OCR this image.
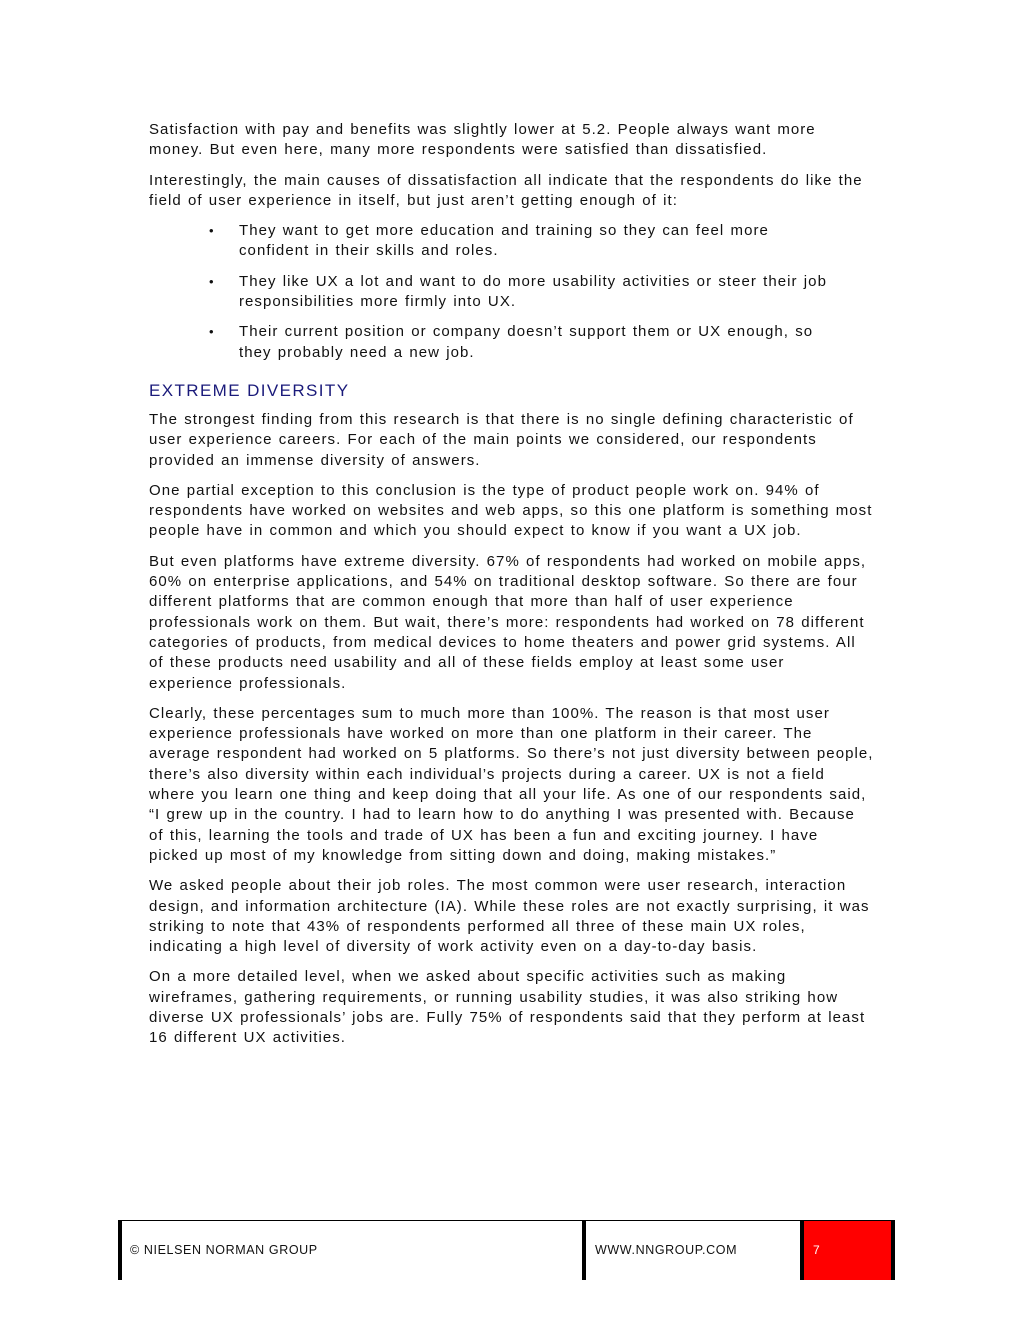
Satisfaction with pay and benefits was slightly lower at 5.2. People always want more money. But even here, many more respondents were satisfied than dissatisfied.

Interestingly, the main causes of dissatisfaction all indicate that the respondents do like the field of user experience in itself, but just aren’t getting enough of it:

• They want to get more education and training so they can feel more confident in their skills and roles.
• They like UX a lot and want to do more usability activities or steer their job responsibilities more firmly into UX.
• Their current position or company doesn’t support them or UX enough, so they probably need a new job.
EXTREME DIVERSITY

The strongest finding from this research is that there is no single defining characteristic of user experience careers. For each of the main points we considered, our respondents provided an immense diversity of answers.

One partial exception to this conclusion is the type of product people work on. 94% of respondents have worked on websites and web apps, so this one platform is something most people have in common and which you should expect to know if you want a UX job.

But even platforms have extreme diversity. 67% of respondents had worked on mobile apps, 60% on enterprise applications, and 54% on traditional desktop software. So there are four different platforms that are common enough that more than half of user experience professionals work on them. But wait, there’s more: respondents had worked on 78 different categories of products, from medical devices to home theaters and power grid systems. All of these products need usability and all of these fields employ at least some user experience professionals.

Clearly, these percentages sum to much more than 100%. The reason is that most user experience professionals have worked on more than one platform in their career. The average respondent had worked on 5 platforms. So there’s not just diversity between people, there’s also diversity within each individual’s projects during a career. UX is not a field where you learn one thing and keep doing that all your life. As one of our respondents said, “I grew up in the country. I had to learn how to do anything I was presented with. Because of this, learning the tools and trade of UX has been a fun and exciting journey. I have picked up most of my knowledge from sitting down and doing, making mistakes.”

We asked people about their job roles. The most common were user research, interaction design, and information architecture (IA). While these roles are not exactly surprising, it was striking to note that 43% of respondents performed all three of these main UX roles, indicating a high level of diversity of work activity even on a day-to-day basis.

On a more detailed level, when we asked about specific activities such as making wireframes, gathering requirements, or running usability studies, it was also striking how diverse UX professionals’ jobs are. Fully 75% of respondents said that they perform at least 16 different UX activities.

© NIELSEN NORMAN GROUP	WWW.NNGROUP.COM	7
